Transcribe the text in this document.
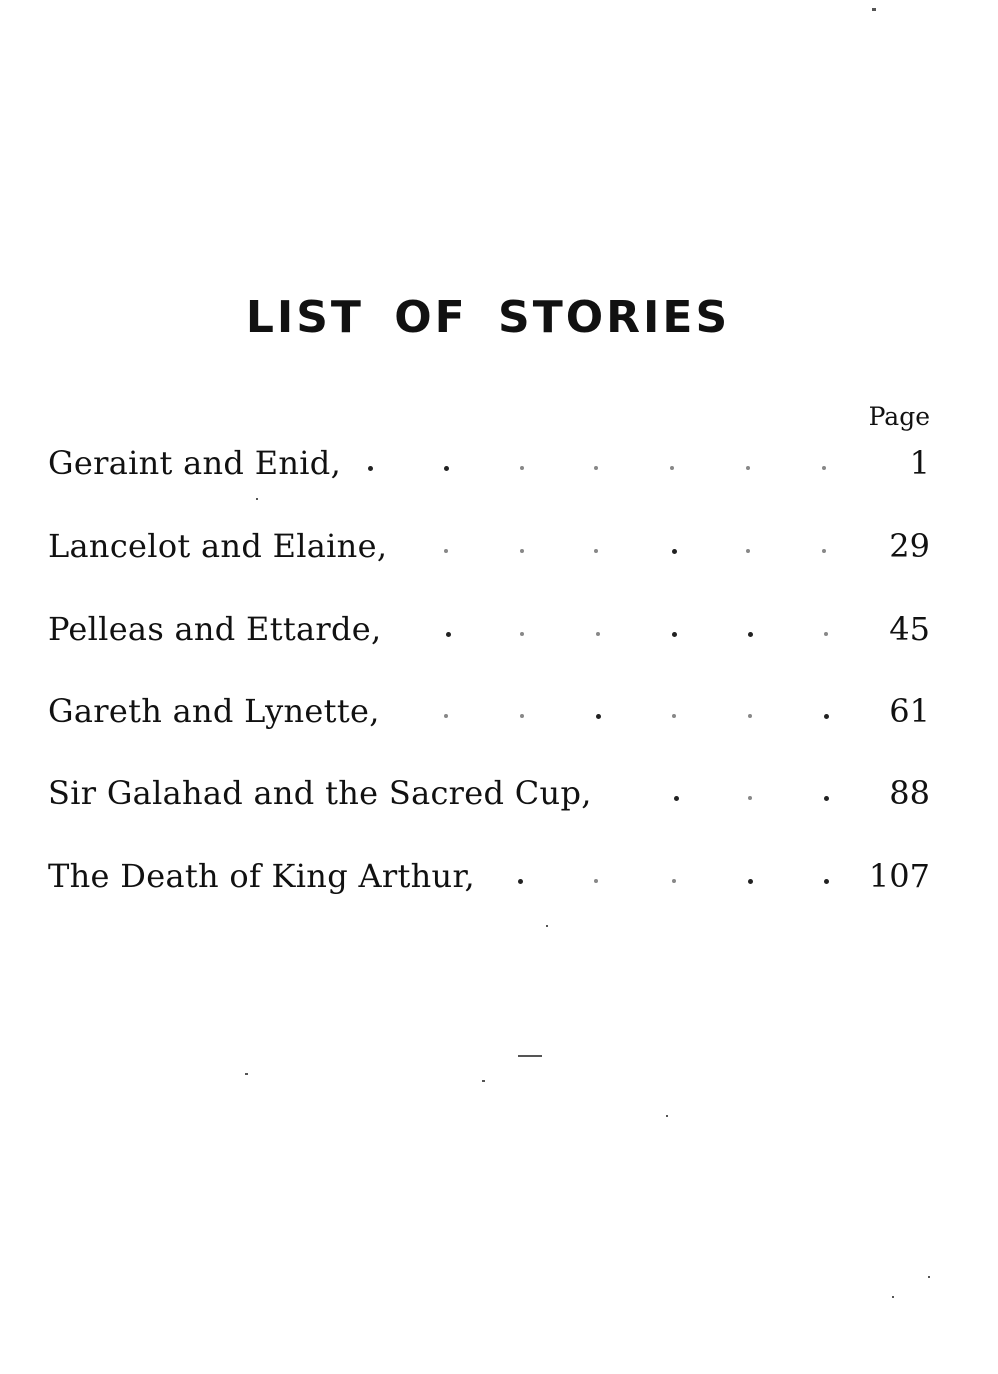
LIST OF STORIES
Page
Geraint and Enid,	1
Lancelot and Elaine,	29
Pelleas and Ettarde,	45
Gareth and Lynette,	61
Sir Galahad and the Sacred Cup,	88
The Death of King Arthur,	107
